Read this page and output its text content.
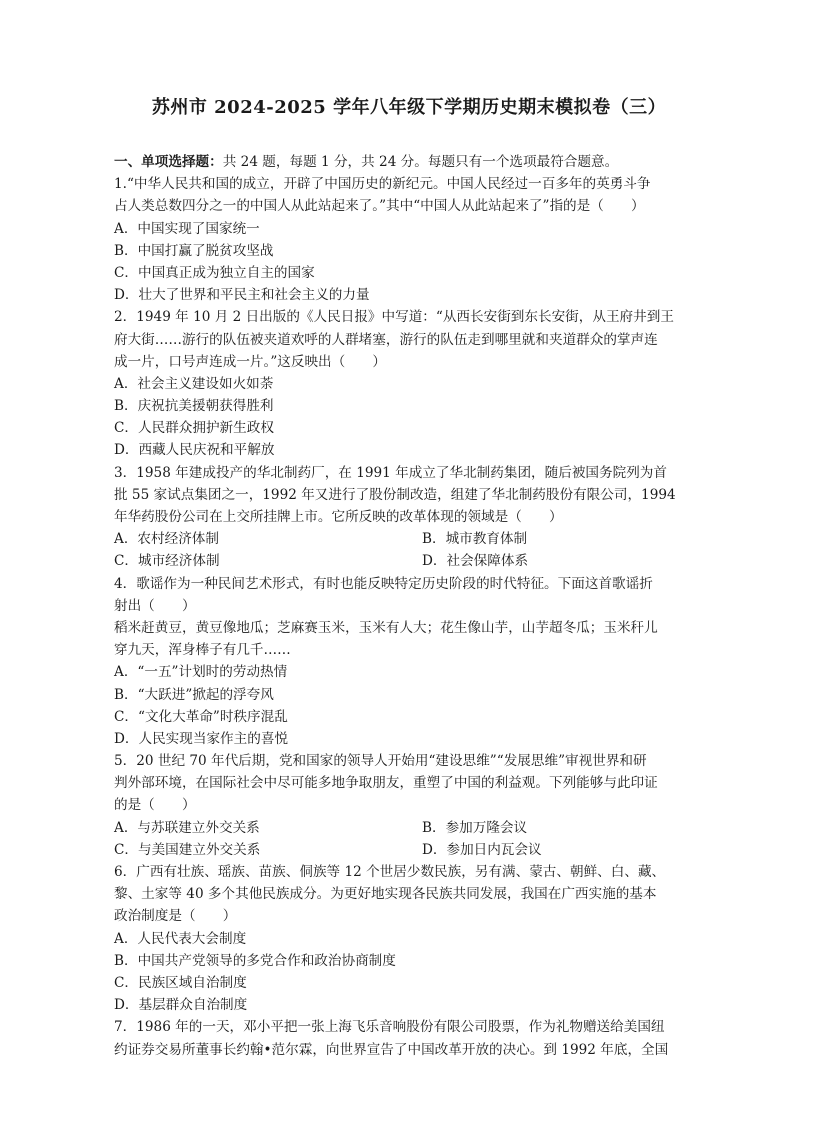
苏州市 2024-2025 学年八年级下学期历史期末模拟卷（三）
一、单项选择题：共 24 题，每题 1 分，共 24 分。每题只有一个选项最符合题意。
1.“中华人民共和国的成立，开辟了中国历史的新纪元。中国人民经过一百多年的英勇斗争
占人类总数四分之一的中国人从此站起来了。”其中“中国人从此站起来了”指的是（　　）
A．中国实现了国家统一
B．中国打赢了脱贫攻坚战
C．中国真正成为独立自主的国家
D．壮大了世界和平民主和社会主义的力量
2．1949 年 10 月 2 日出版的《人民日报》中写道：“从西长安街到东长安街，从王府井到王
府大街……游行的队伍被夹道欢呼的人群堵塞，游行的队伍走到哪里就和夹道群众的掌声连
成一片，口号声连成一片。”这反映出（　　）
A．社会主义建设如火如荼
B．庆祝抗美援朝获得胜利
C．人民群众拥护新生政权
D．西藏人民庆祝和平解放
3．1958 年建成投产的华北制药厂，在 1991 年成立了华北制药集团，随后被国务院列为首
批 55 家试点集团之一，1992 年又进行了股份制改造，组建了华北制药股份有限公司，1994
年华药股份公司在上交所挂牌上市。它所反映的改革体现的领域是（　　）
A．农村经济体制	B．城市教育体制
C．城市经济体制	D．社会保障体系
4．歌谣作为一种民间艺术形式，有时也能反映特定历史阶段的时代特征。下面这首歌谣折
射出（　　）
稻米赶黄豆，黄豆像地瓜；芝麻赛玉米，玉米有人大；花生像山芋，山芋超冬瓜；玉米秆儿
穿九天，浑身棒子有几千……
A．“一五”计划时的劳动热情
B．“大跃进”掀起的浮夸风
C．“文化大革命”时秩序混乱
D．人民实现当家作主的喜悦
5．20 世纪 70 年代后期，党和国家的领导人开始用“建设思维”“发展思维”审视世界和研
判外部环境，在国际社会中尽可能多地争取朋友，重塑了中国的利益观。下列能够与此印证
的是（　　）
A．与苏联建立外交关系	B．参加万隆会议
C．与美国建立外交关系	D．参加日内瓦会议
6．广西有壮族、瑶族、苗族、侗族等 12 个世居少数民族，另有满、蒙古、朝鲜、白、藏、
黎、土家等 40 多个其他民族成分。为更好地实现各民族共同发展，我国在广西实施的基本
政治制度是（　　）
A．人民代表大会制度
B．中国共产党领导的多党合作和政治协商制度
C．民族区域自治制度
D．基层群众自治制度
7．1986 年的一天，邓小平把一张上海飞乐音响股份有限公司股票，作为礼物赠送给美国纽
约证券交易所董事长约翰•范尔霖，向世界宣告了中国改革开放的决心。到 1992 年底，全国
